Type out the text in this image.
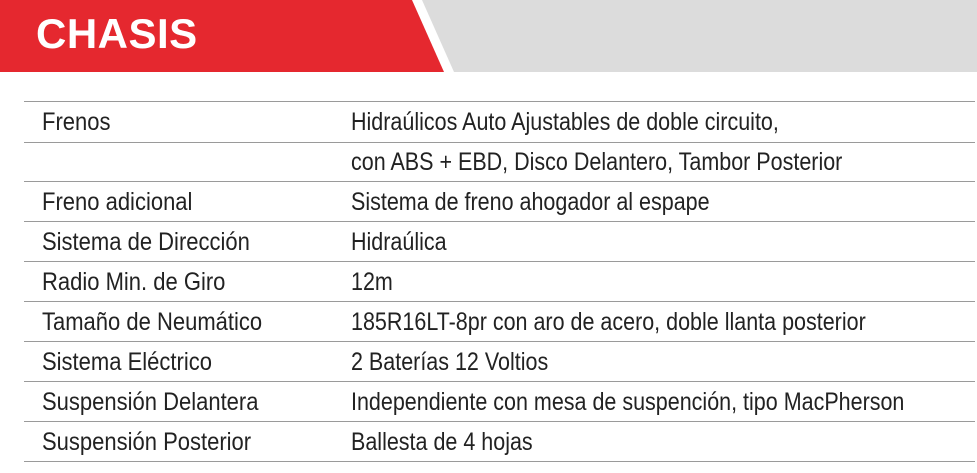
CHASIS
Frenos	Hidraúlicos Auto Ajustables de doble circuito,
con ABS + EBD, Disco Delantero, Tambor Posterior
Freno adicional	Sistema de freno ahogador al espape
Sistema de Dirección	Hidraúlica
Radio Min. de Giro	12m
Tamaño de Neumático	185R16LT-8pr con aro de acero, doble llanta posterior
Sistema Eléctrico	2 Baterías 12 Voltios
Suspensión Delantera	Independiente con mesa de suspención, tipo MacPherson
Suspensión Posterior	Ballesta de 4 hojas
